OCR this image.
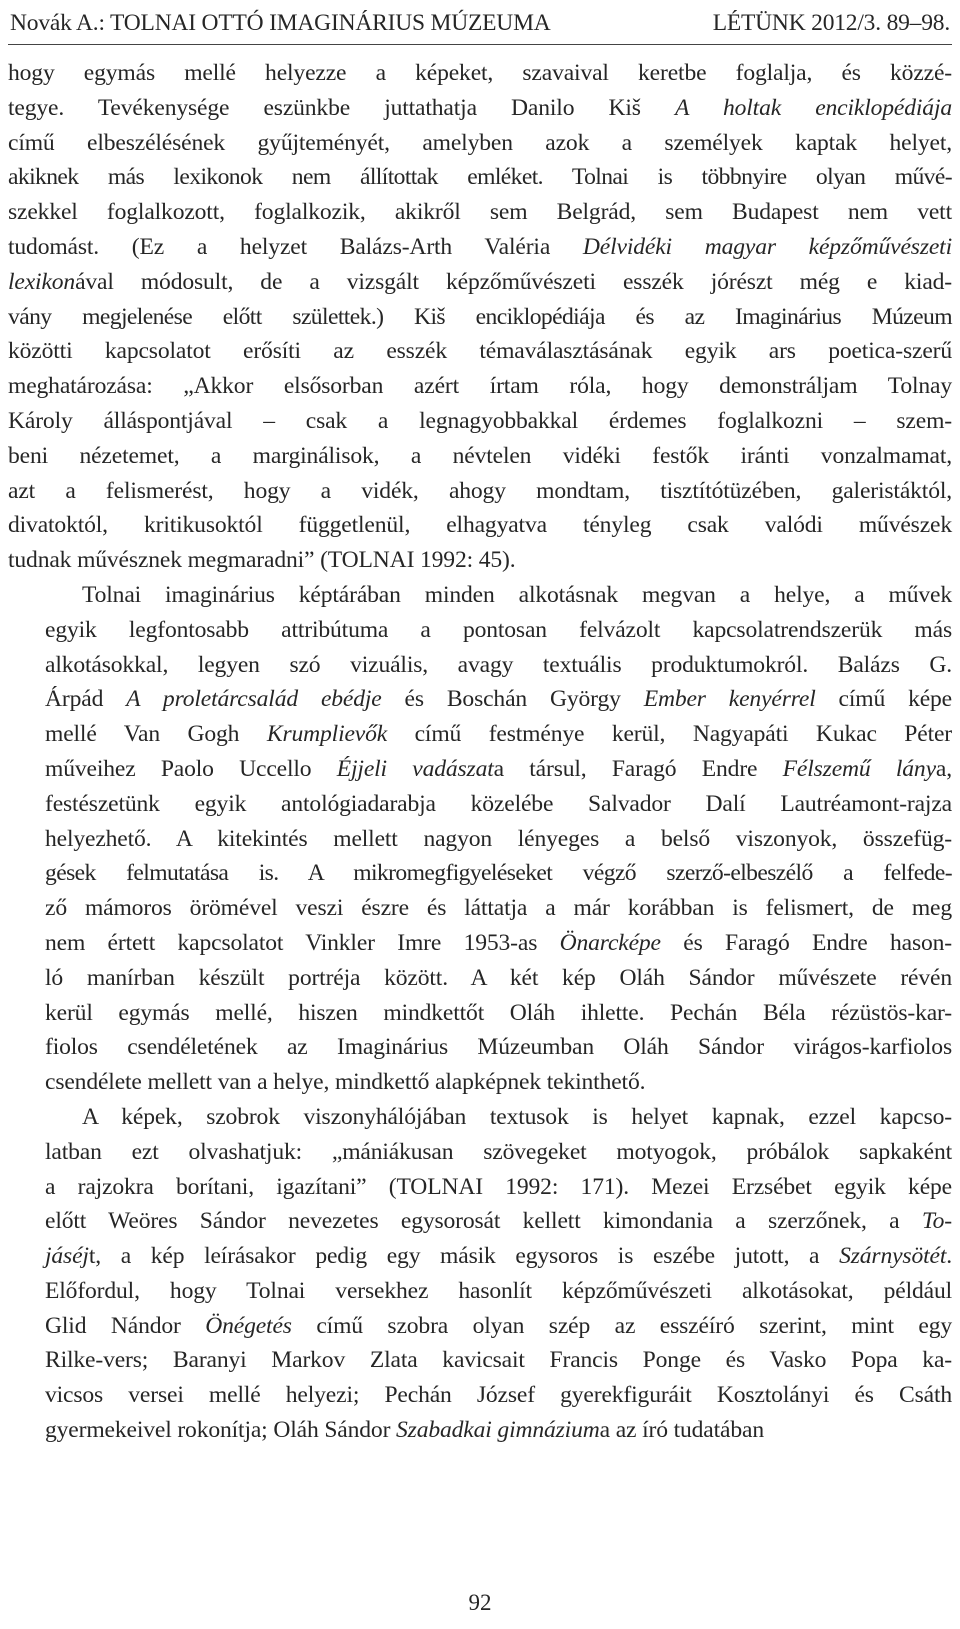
Novák A.: TOLNAI OTTÓ IMAGINÁRIUS MÚZEUMA	LÉTÜNK 2012/3. 89–98.
hogy egymás mellé helyezze a képeket, szavaival keretbe foglalja, és közzé-
tegye. Tevékenysége eszünkbe juttathatja Danilo Kiš A holtak enciklopédiája
című elbeszélésének gyűjteményét, amelyben azok a személyek kaptak helyet,
akiknek más lexikonok nem állítottak emléket. Tolnai is többnyire olyan művé-
szekkel foglalkozott, foglalkozik, akikről sem Belgrád, sem Budapest nem vett
tudomást. (Ez a helyzet Balázs-Arth Valéria Délvidéki magyar képzőművészeti
lexikonával módosult, de a vizsgált képzőművészeti esszék jórészt még e kiad-
vány megjelenése előtt születtek.) Kiš enciklopédiája és az Imaginárius Múzeum
közötti kapcsolatot erősíti az esszék témaválasztásának egyik ars poetica-szerű
meghatározása: „Akkor elsősorban azért írtam róla, hogy demonstráljam Tolnay
Károly álláspontjával – csak a legnagyobbakkal érdemes foglalkozni – szem-
beni nézetemet, a marginálisok, a névtelen vidéki festők iránti vonzalmamat,
azt a felismerést, hogy a vidék, ahogy mondtam, tisztítótüzében, galeristáktól,
divatoktól, kritikusoktól függetlenül, elhagyatva tényleg csak valódi művészek
tudnak művésznek megmaradni” (TOLNAI 1992: 45).
Tolnai imaginárius képtárában minden alkotásnak megvan a helye, a művek
egyik legfontosabb attribútuma a pontosan felvázolt kapcsolatrendszerük más
alkotásokkal, legyen szó vizuális, avagy textuális produktumokról. Balázs G.
Árpád A proletárcsalád ebédje és Boschán György Ember kenyérrel című képe
mellé Van Gogh Krumplievők című festménye kerül, Nagyapáti Kukac Péter
műveihez Paolo Uccello Éjjeli vadászata társul, Faragó Endre Félszemű lánya,
festészetünk egyik antológiadarabja közelébe Salvador Dalí Lautréamont-rajza
helyezhető. A kitekintés mellett nagyon lényeges a belső viszonyok, összefüg-
gések felmutatása is. A mikromegfigyeléseket végző szerző-elbeszélő a felfede-
ző mámoros örömével veszi észre és láttatja a már korábban is felismert, de meg
nem értett kapcsolatot Vinkler Imre 1953-as Önarcképe és Faragó Endre hason-
ló manírban készült portréja között. A két kép Oláh Sándor művészete révén
kerül egymás mellé, hiszen mindkettőt Oláh ihlette. Pechán Béla rézüstös-kar-
fiolos csendéletének az Imaginárius Múzeumban Oláh Sándor virágos-karfiolos
csendélete mellett van a helye, mindkettő alapképnek tekinthető.
A képek, szobrok viszonyhálójában textusok is helyet kapnak, ezzel kapcso-
latban ezt olvashatjuk: „mániákusan szövegeket motyogok, próbálok sapkaként
a rajzokra borítani, igazítani” (TOLNAI 1992: 171). Mezei Erzsébet egyik képe
előtt Weöres Sándor nevezetes egysorosát kellett kimondania a szerzőnek, a To-
jáséjt, a kép leírásakor pedig egy másik egysoros is eszébe jutott, a Szárnysötét.
Előfordul, hogy Tolnai versekhez hasonlít képzőművészeti alkotásokat, például
Glid Nándor Önégetés című szobra olyan szép az esszéíró szerint, mint egy
Rilke-vers; Baranyi Markov Zlata kavicsait Francis Ponge és Vasko Popa ka-
vicsos versei mellé helyezi; Pechán József gyerekfiguráit Kosztolányi és Csáth
gyermekeivel rokonítja; Oláh Sándor Szabadkai gimnáziuma az író tudatában
92
